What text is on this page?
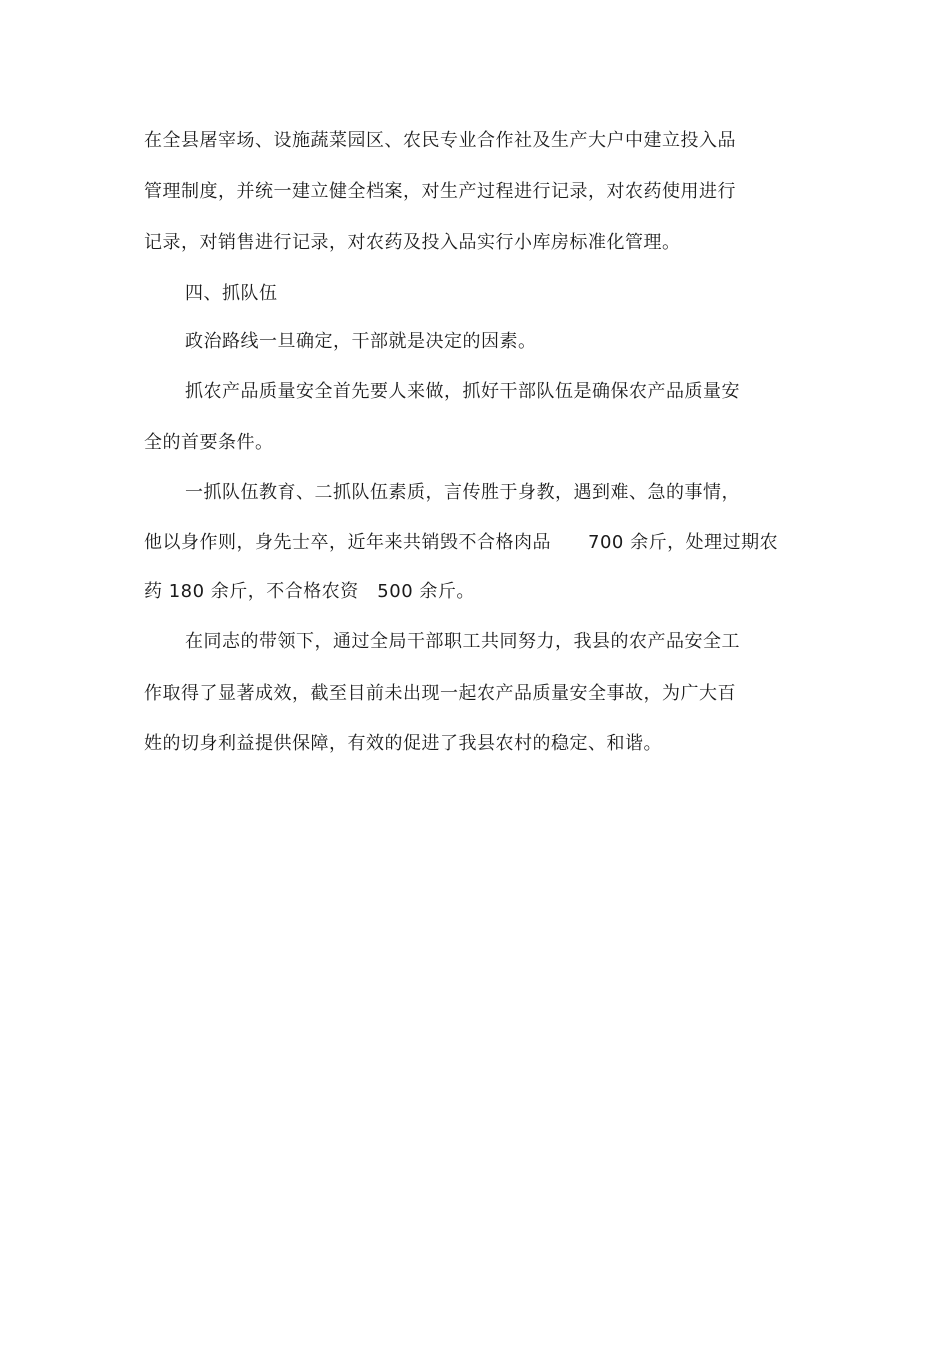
在全县屠宰场、设施蔬菜园区、农民专业合作社及生产大户中建立投入品
管理制度，并统一建立健全档案，对生产过程进行记录，对农药使用进行
记录，对销售进行记录，对农药及投入品实行小库房标准化管理。
四、抓队伍
政治路线一旦确定，干部就是决定的因素。
抓农产品质量安全首先要人来做，抓好干部队伍是确保农产品质量安
全的首要条件。
一抓队伍教育、二抓队伍素质，言传胜于身教，遇到难、急的事情，
他以身作则，身先士卒，近年来共销毁不合格肉品　　700 余斤，处理过期农
药 180 余斤，不合格农资　500 余斤。
在同志的带领下，通过全局干部职工共同努力，我县的农产品安全工
作取得了显著成效，截至目前未出现一起农产品质量安全事故，为广大百
姓的切身利益提供保障，有效的促进了我县农村的稳定、和谐。
